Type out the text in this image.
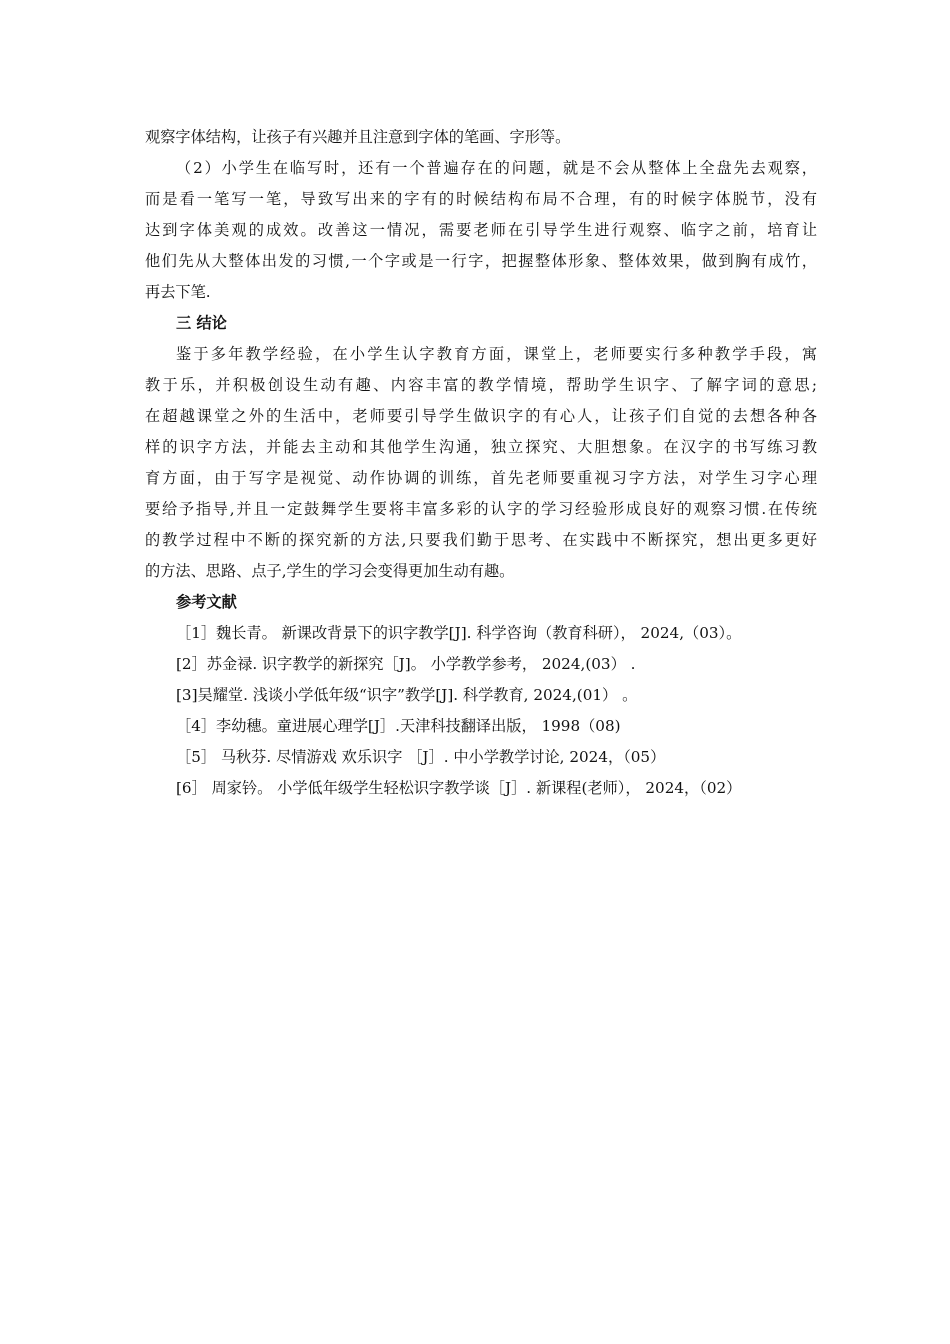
观察字体结构，让孩子有兴趣并且注意到字体的笔画、字形等。
（2）小学生在临写时，还有一个普遍存在的问题，就是不会从整体上全盘先去观察，
而是看一笔写一笔，导致写出来的字有的时候结构布局不合理，有的时候字体脱节，没有
达到字体美观的成效。改善这一情况，需要老师在引导学生进行观察、临字之前，培育让
他们先从大整体出发的习惯,一个字或是一行字，把握整体形象、整体效果，做到胸有成竹，
再去下笔.
三 结论
鉴于多年教学经验，在小学生认字教育方面，课堂上，老师要实行多种教学手段，寓
教于乐，并积极创设生动有趣、内容丰富的教学情境，帮助学生识字、了解字词的意思;
在超越课堂之外的生活中，老师要引导学生做识字的有心人，让孩子们自觉的去想各种各
样的识字方法，并能去主动和其他学生沟通，独立探究、大胆想象。在汉字的书写练习教
育方面，由于写字是视觉、动作协调的训练，首先老师要重视习字方法，对学生习字心理
要给予指导,并且一定鼓舞学生要将丰富多彩的认字的学习经验形成良好的观察习惯.在传统
的教学过程中不断的探究新的方法,只要我们勤于思考、在实践中不断探究，想出更多更好
的方法、思路、点子,学生的学习会变得更加生动有趣。
参考文献
［1］魏长青。 新课改背景下的识字教学[J]. 科学咨询（教育科研）， 2024,（03）。
[2］苏金禄. 识字教学的新探究［J]。 小学教学参考， 2024,(03） .
[3]吴耀堂. 浅谈小学低年级“识字”教学[J]. 科学教育, 2024,(01） 。
［4］李幼穗。童进展心理学[J］.天津科技翻译出版， 1998（08)
［5］ 马秋芬. 尽情游戏 欢乐识字 ［J］. 中小学教学讨论, 2024，（05）
[6］ 周家钤。 小学低年级学生轻松识字教学谈［J］. 新课程(老师）， 2024，（02）
